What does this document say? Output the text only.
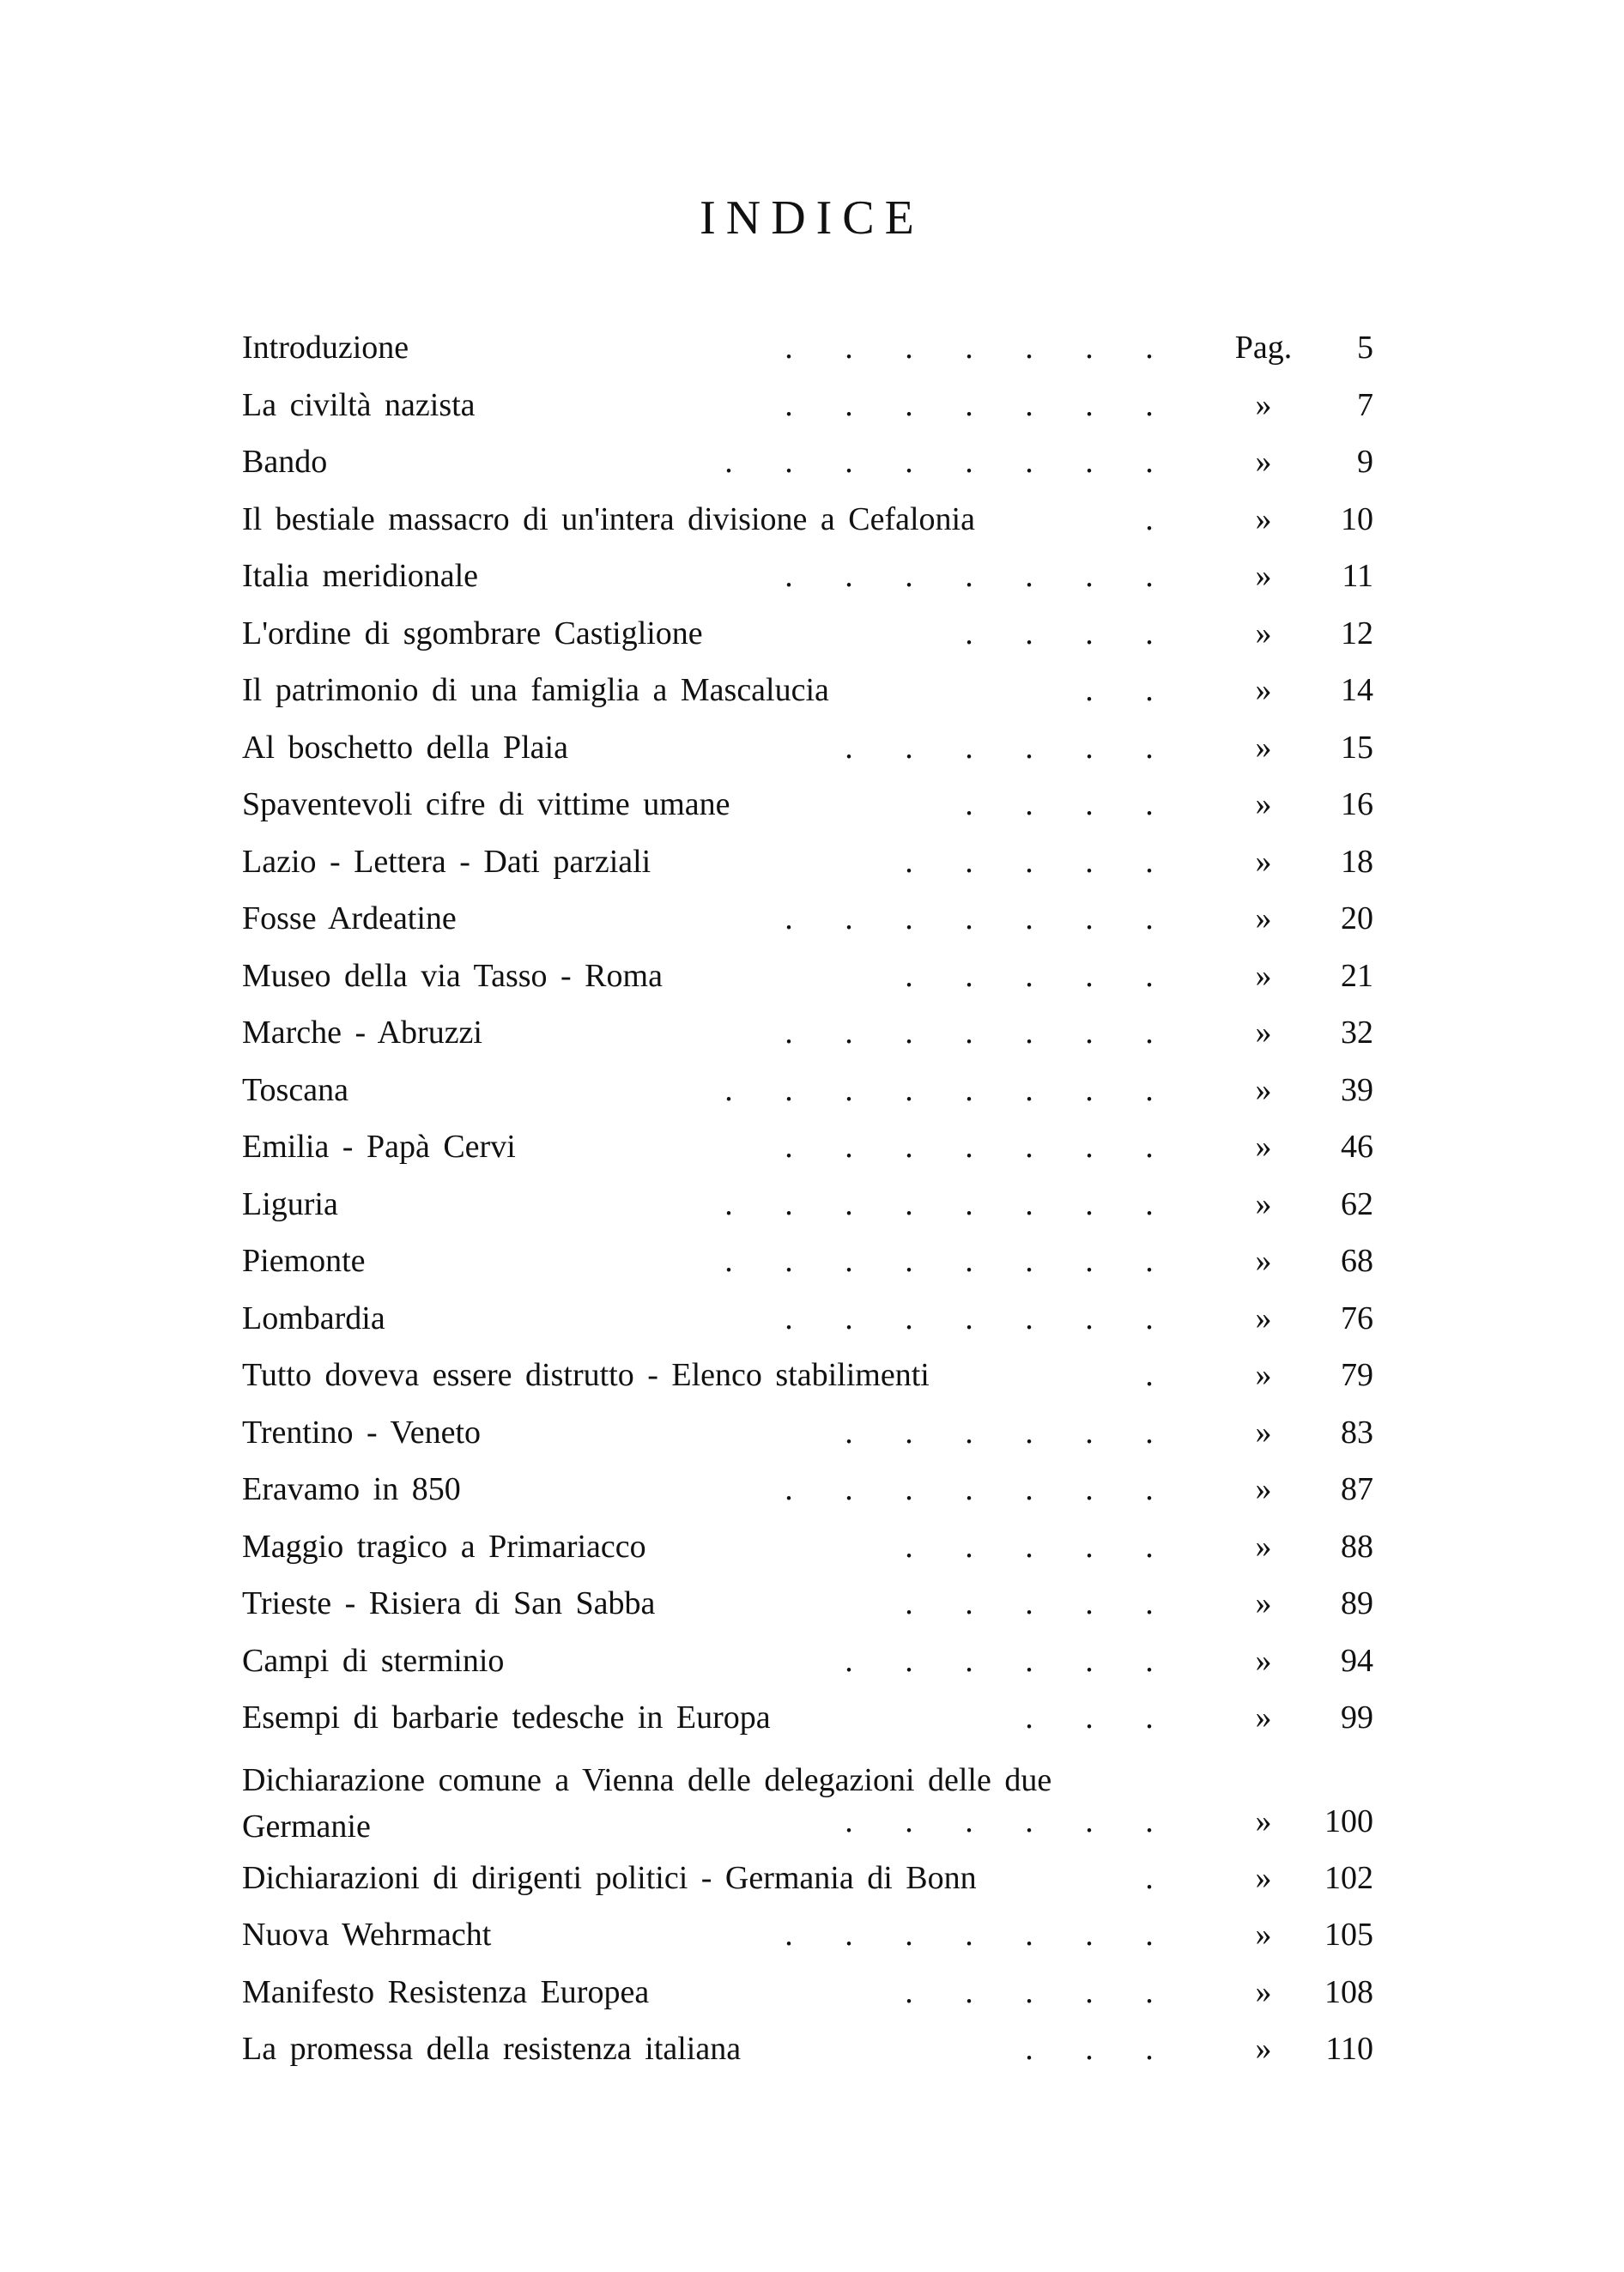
INDICE
Introduzione	. . . . . . .	Pag.	5
La civiltà nazista	. . . . . . .	»	7
Bando	. . . . . . . .	»	9
Il bestiale massacro di un'intera divisione a Cefalonia	.	»	10
Italia meridionale	. . . . . . .	»	11
L'ordine di sgombrare Castiglione	. . . .	»	12
Il patrimonio di una famiglia a Mascalucia	. .	»	14
Al boschetto della Plaia	. . . . . .	»	15
Spaventevoli cifre di vittime umane	. . . .	»	16
Lazio - Lettera - Dati parziali	. . . . .	»	18
Fosse Ardeatine	. . . . . . .	»	20
Museo della via Tasso - Roma	. . . . .	»	21
Marche - Abruzzi	. . . . . . .	»	32
Toscana	. . . . . . . .	»	39
Emilia - Papà Cervi	. . . . . . .	»	46
Liguria	. . . . . . . .	»	62
Piemonte	. . . . . . . .	»	68
Lombardia	. . . . . . .	»	76
Tutto doveva essere distrutto - Elenco stabilimenti	.	»	79
Trentino - Veneto	. . . . . .	»	83
Eravamo in 850	. . . . . . .	»	87
Maggio tragico a Primariacco	. . . . .	»	88
Trieste - Risiera di San Sabba	. . . . .	»	89
Campi di sterminio	. . . . . .	»	94
Esempi di barbarie tedesche in Europa	. . .	»	99
Dichiarazione comune a Vienna delle delegazioni delle due Germanie	. . . . . .	»	100
Dichiarazioni di dirigenti politici - Germania di Bonn	.	»	102
Nuova Wehrmacht	. . . . . . .	»	105
Manifesto Resistenza Europea	. . . . .	»	108
La promessa della resistenza italiana	. . .	»	110
